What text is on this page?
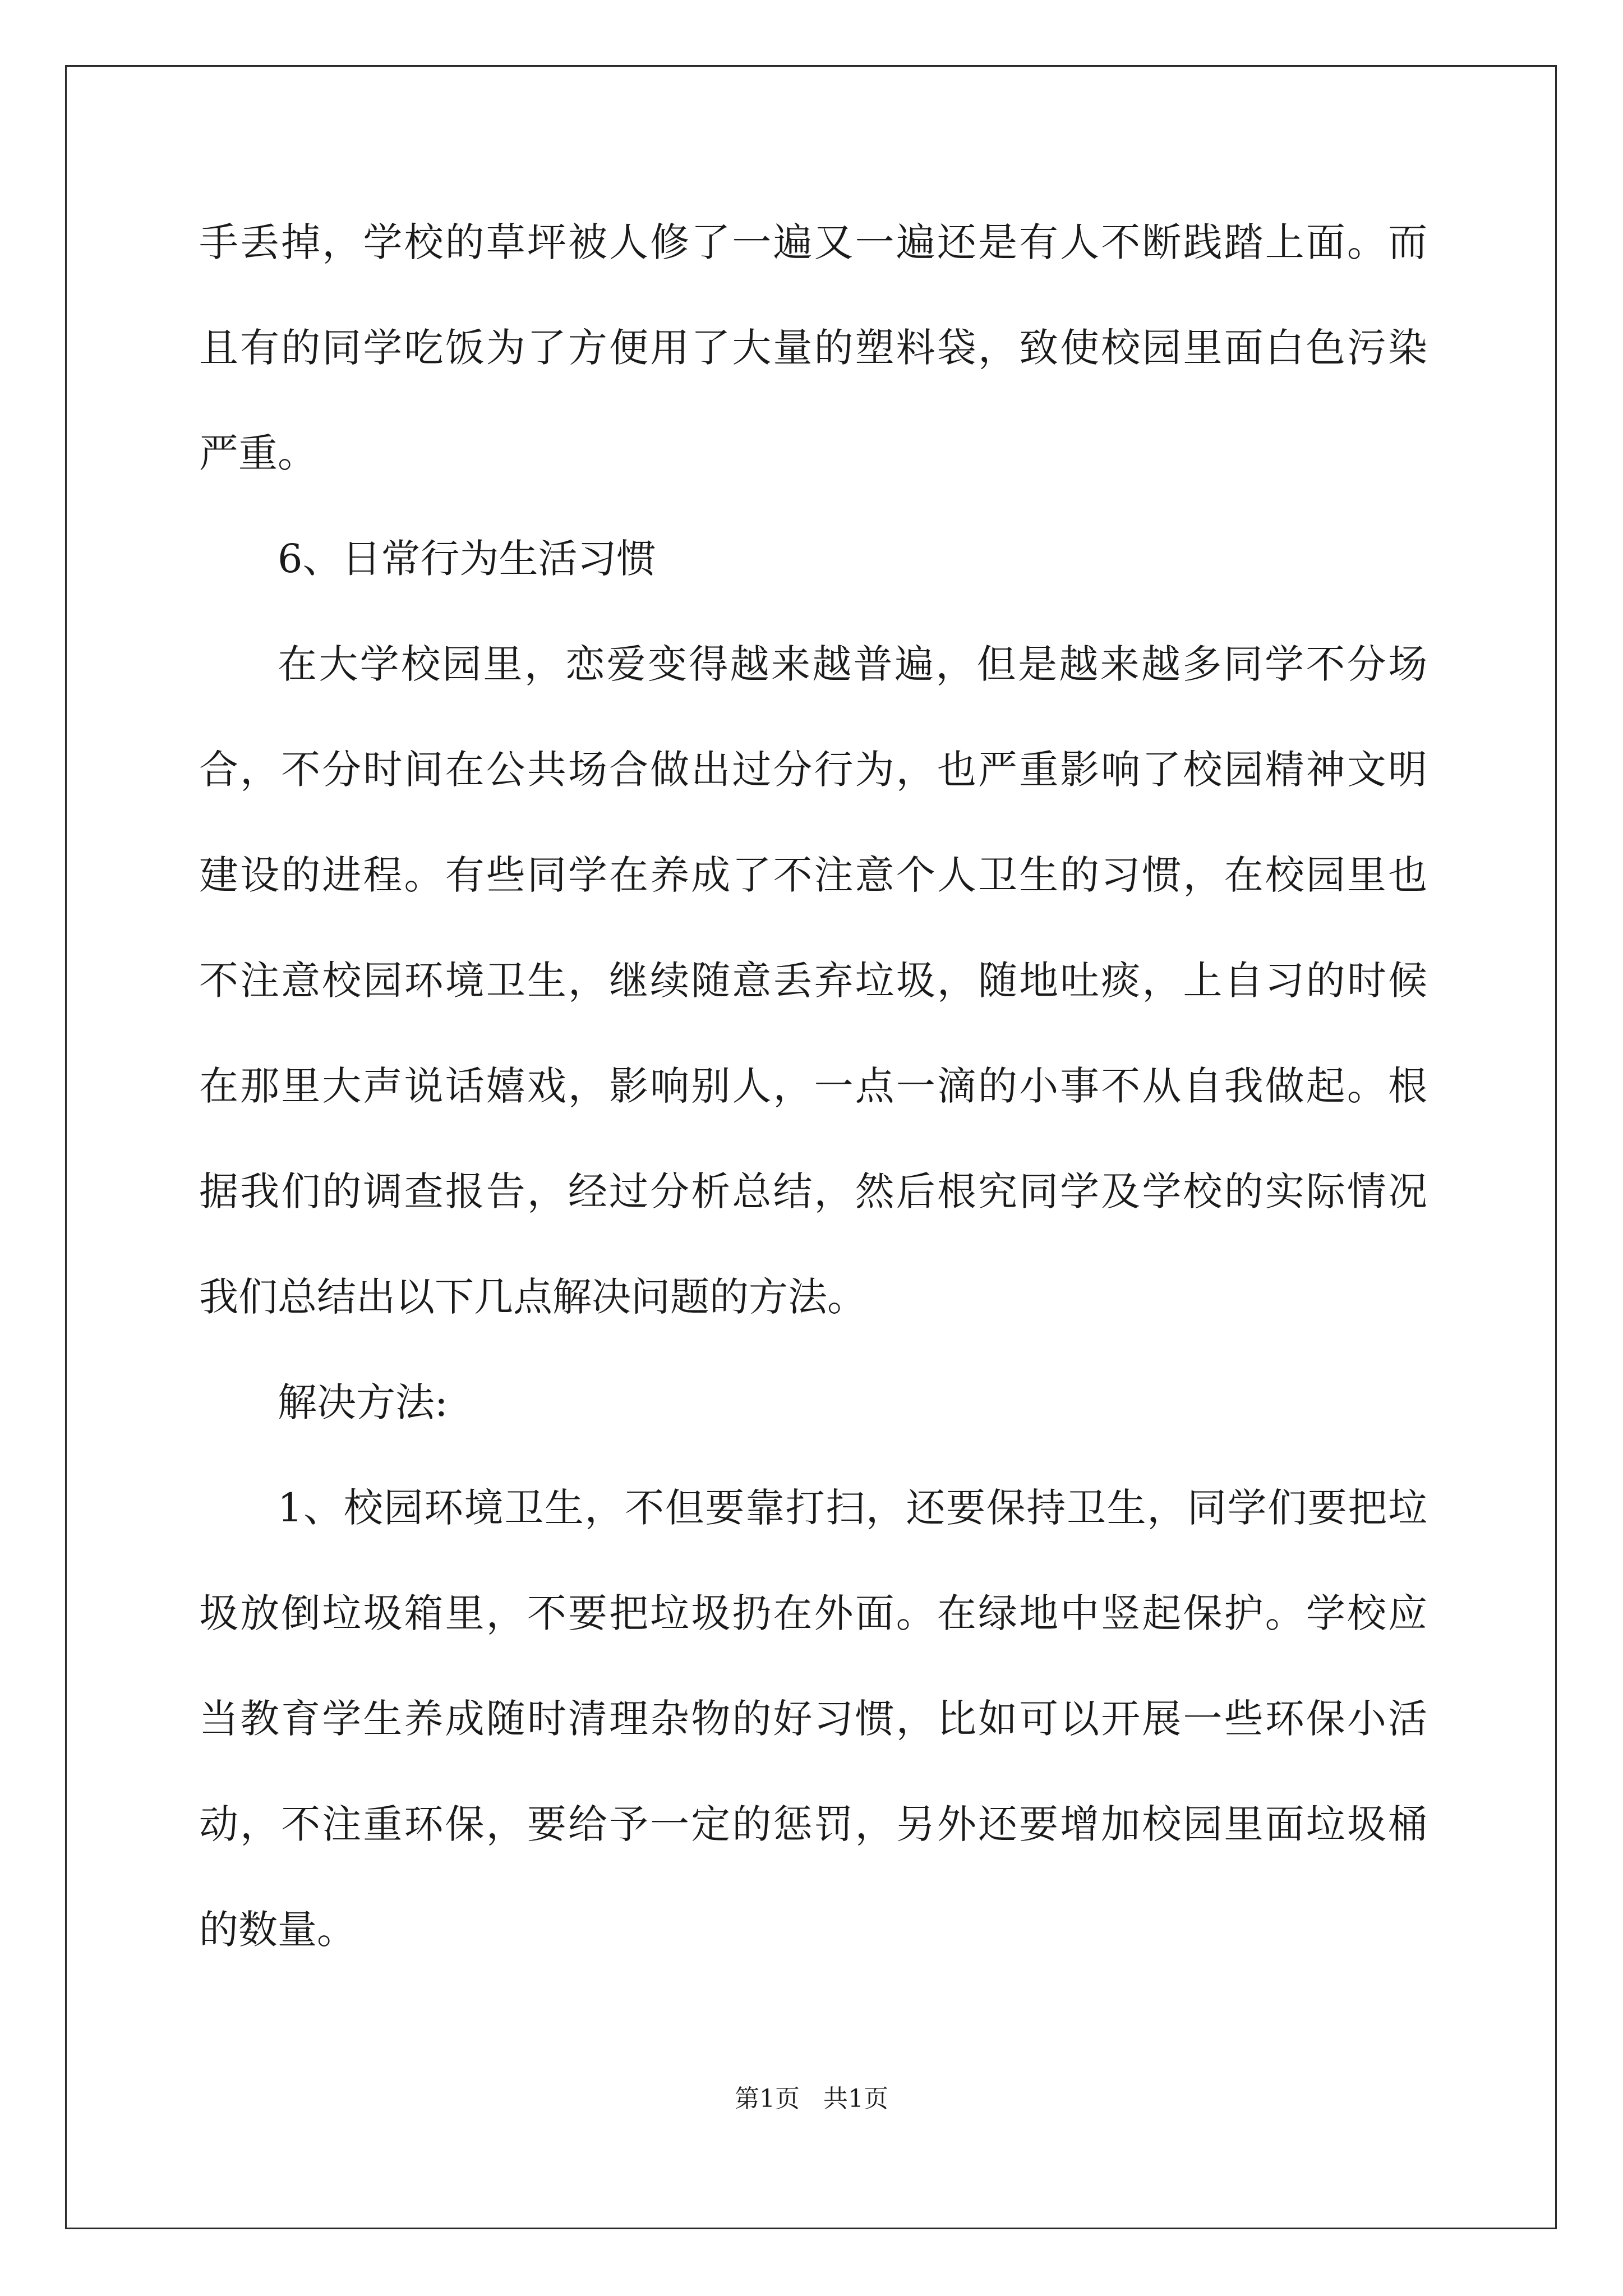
手丢掉，学校的草坪被人修了一遍又一遍还是有人不断践踏上面。而
且有的同学吃饭为了方便用了大量的塑料袋，致使校园里面白色污染
严重。
6、日常行为生活习惯
在大学校园里，恋爱变得越来越普遍，但是越来越多同学不分场
合，不分时间在公共场合做出过分行为，也严重影响了校园精神文明
建设的进程。有些同学在养成了不注意个人卫生的习惯，在校园里也
不注意校园环境卫生，继续随意丢弃垃圾，随地吐痰，上自习的时候
在那里大声说话嬉戏，影响别人，一点一滴的小事不从自我做起。根
据我们的调查报告，经过分析总结，然后根究同学及学校的实际情况
我们总结出以下几点解决问题的方法。
解决方法:
1、校园环境卫生，不但要靠打扫，还要保持卫生，同学们要把垃
圾放倒垃圾箱里，不要把垃圾扔在外面。在绿地中竖起保护。学校应
当教育学生养成随时清理杂物的好习惯，比如可以开展一些环保小活
动，不注重环保，要给予一定的惩罚，另外还要增加校园里面垃圾桶
的数量。
第1页 共1页
